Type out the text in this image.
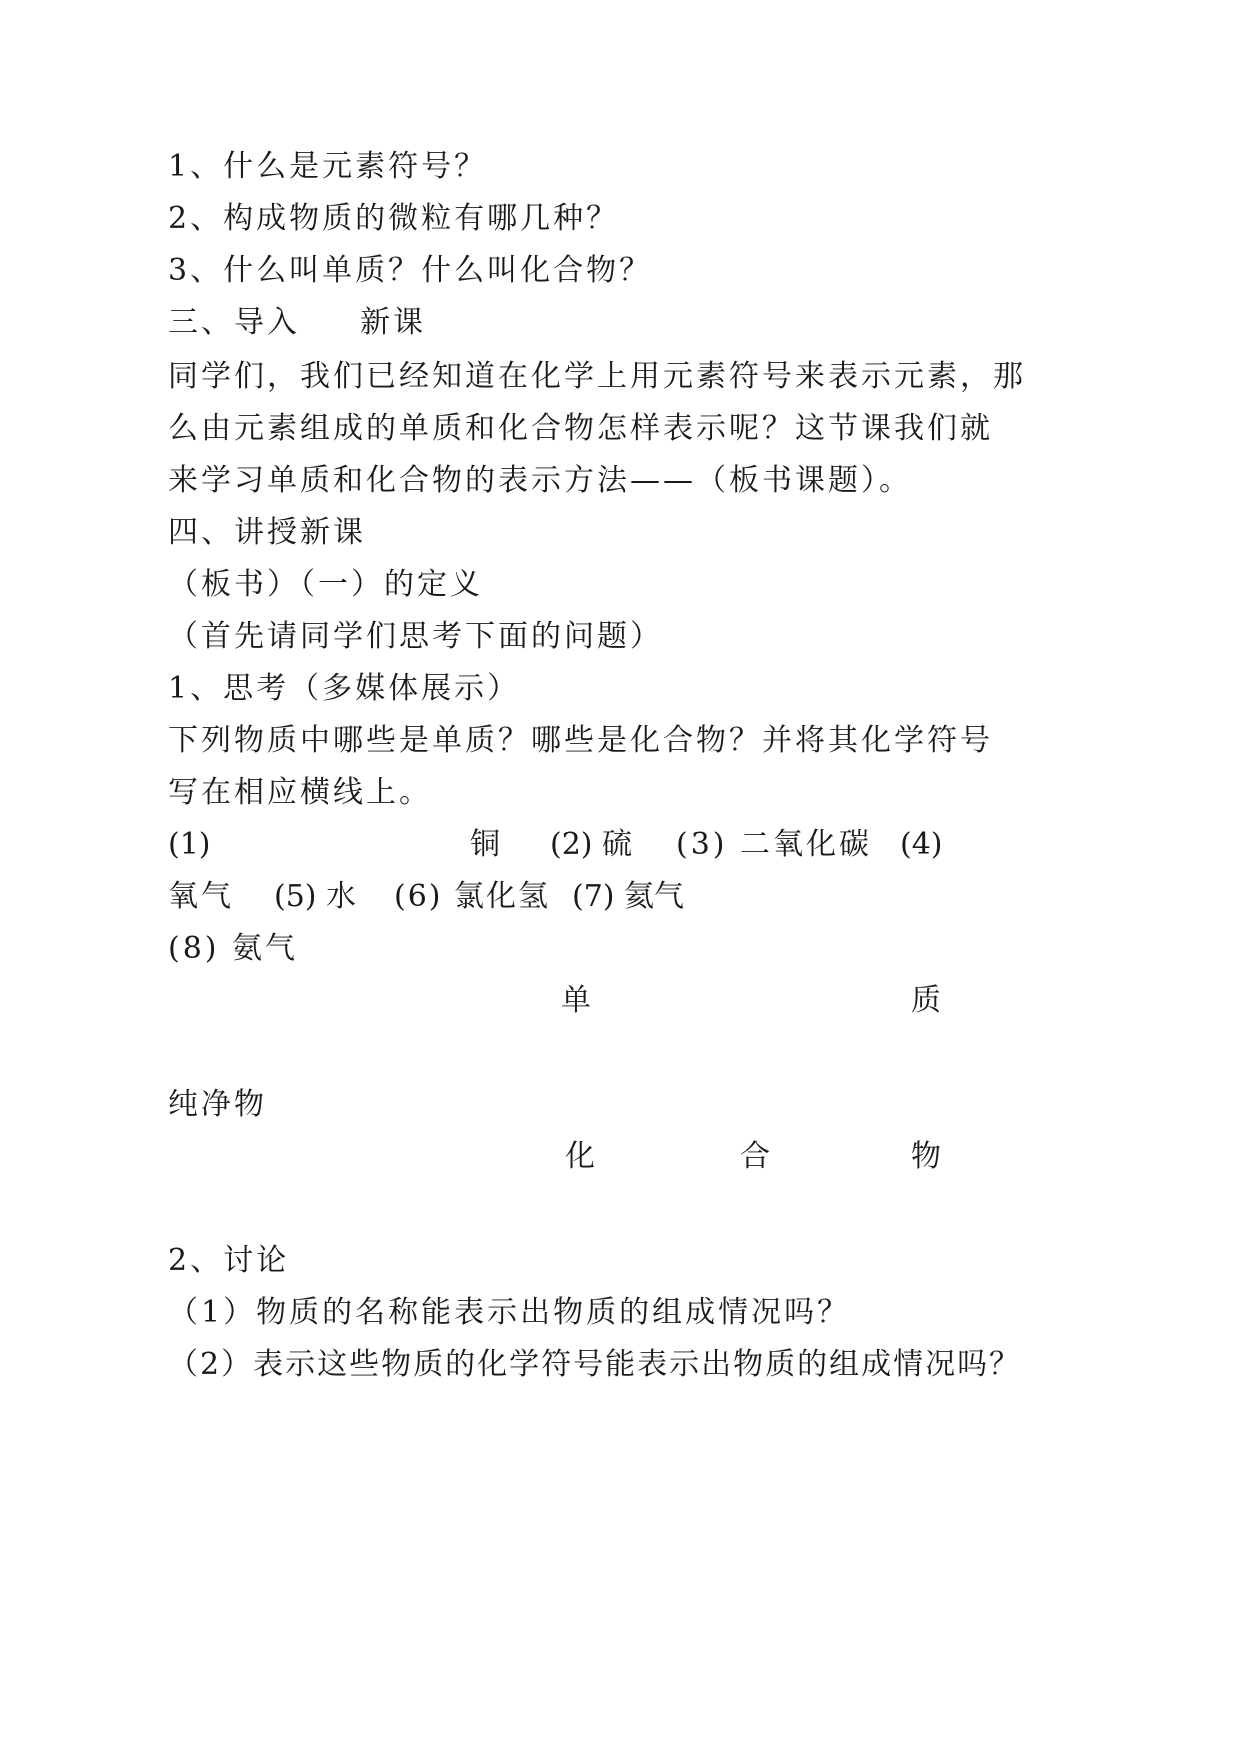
1、什么是元素符号？
2、构成物质的微粒有哪几种？
3、什么叫单质？什么叫化合物？
三、导入 新课
同学们，我们已经知道在化学上用元素符号来表示元素，那
么由元素组成的单质和化合物怎样表示呢？这节课我们就
来学习单质和化合物的表示方法——（板书课题）。
四、讲授新课
（板书）（一）的定义
（首先请同学们思考下面的问题）
1、思考（多媒体展示）
下列物质中哪些是单质？哪些是化合物？并将其化学符号
写在相应横线上。
(1)	铜 (2) 硫 (3) 二氧化碳 (4)
氧气 (5) 水 (6) 氯化氢 (7) 氦气
(8) 氨气
单	质
纯净物
化	合	物
2、讨论
（1）物质的名称能表示出物质的组成情况吗？
（2）表示这些物质的化学符号能表示出物质的组成情况吗？
